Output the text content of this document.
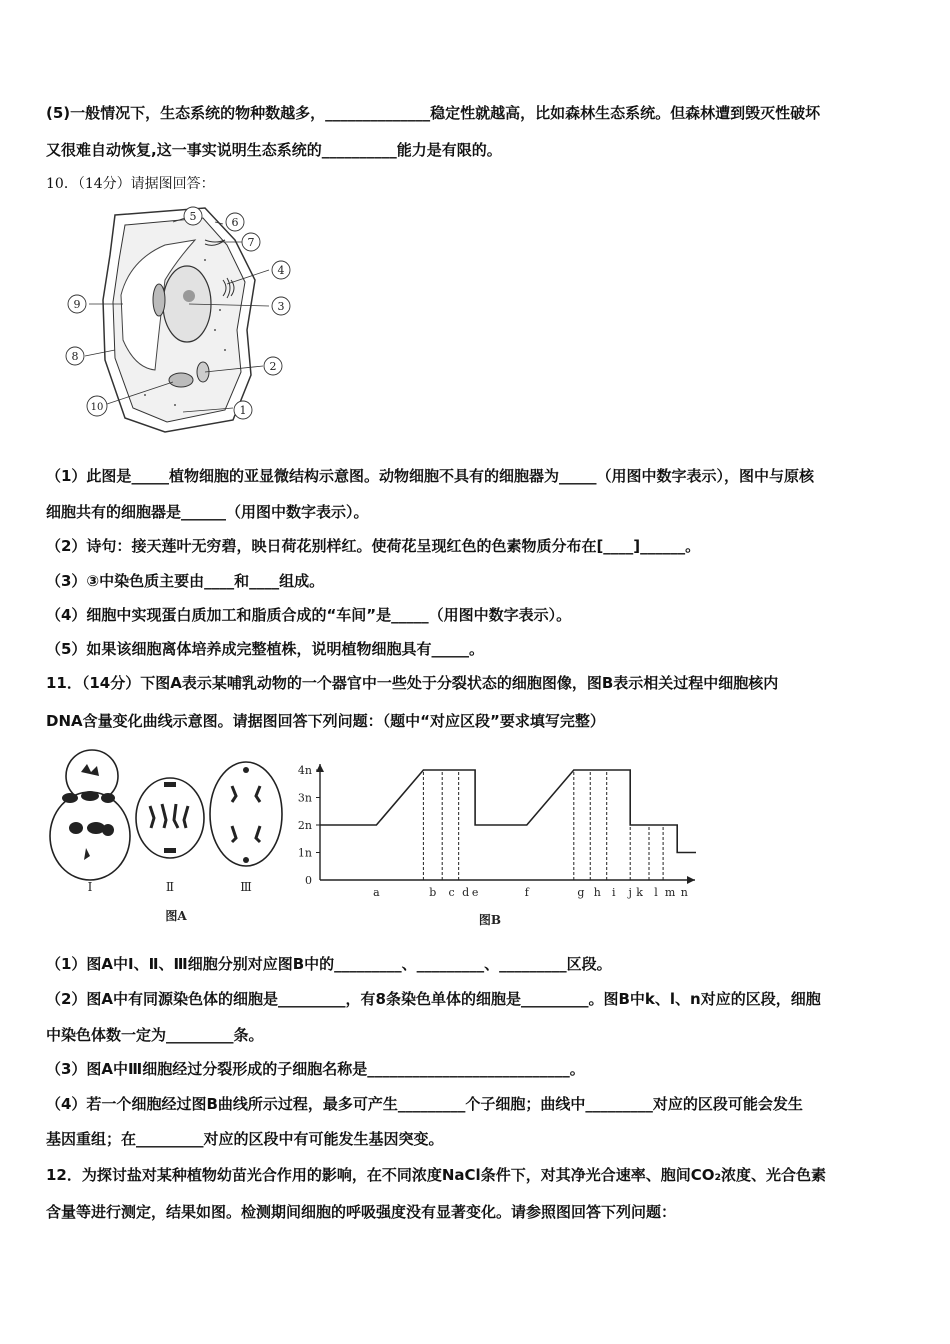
(5)一般情况下，生态系统的物种数越多，______________稳定性就越高，比如森林生态系统。但森林遭到毁灭性破坏
又很难自动恢复,这一事实说明生态系统的__________能力是有限的。
10．（14分）请据图回答：
1
2
3
4
5	6
7
8
9
10
（1）此图是_____植物细胞的亚显微结构示意图。动物细胞不具有的细胞器为_____（用图中数字表示），图中与原核
细胞共有的细胞器是______（用图中数字表示）。
（2）诗句：接天莲叶无穷碧，映日荷花别样红。使荷花呈现红色的色素物质分布在[____]______。
（3）③中染色质主要由____和____组成。
（4）细胞中实现蛋白质加工和脂质合成的“车间”是_____（用图中数字表示）。
（5）如果该细胞离体培养成完整植株，说明植物细胞具有_____。
11．（14分）下图A表示某哺乳动物的一个器官中一些处于分裂状态的细胞图像，图B表示相关过程中细胞核内
DNA含量变化曲线示意图。请据图回答下列问题：（题中“对应区段”要求填写完整）
Ⅰ	Ⅱ	Ⅲ
图A
0
1n
2n
3n
4n
a	b c d e	f	g h i j k l m n
图B
（1）图A中Ⅰ、Ⅱ、Ⅲ细胞分别对应图B中的_________、_________、_________区段。
（2）图A中有同源染色体的细胞是_________，有8条染色单体的细胞是_________。图B中k、l、n对应的区段，细胞
中染色体数一定为_________条。
（3）图A中Ⅲ细胞经过分裂形成的子细胞名称是___________________________。
（4）若一个细胞经过图B曲线所示过程，最多可产生_________个子细胞；曲线中_________对应的区段可能会发生
基因重组；在_________对应的区段中有可能发生基因突变。
12．为探讨盐对某种植物幼苗光合作用的影响，在不同浓度NaCl条件下，对其净光合速率、胞间CO₂浓度、光合色素
含量等进行测定，结果如图。检测期间细胞的呼吸强度没有显著变化。请参照图回答下列问题：
